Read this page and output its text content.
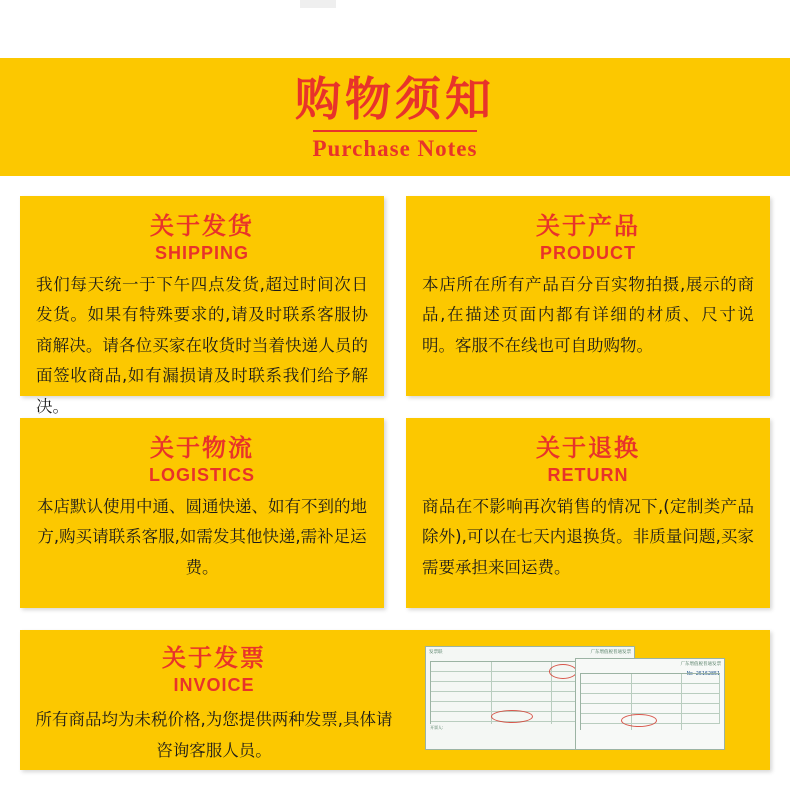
购物须知
Purchase Notes
关于发货
SHIPPING
我们每天统一于下午四点发货,超过时间次日发货。如果有特殊要求的,请及时联系客服协商解决。请各位买家在收货时当着快递人员的面签收商品,如有漏损请及时联系我们给予解决。
关于产品
PRODUCT
本店所在所有产品百分百实物拍摄,展示的商品,在描述页面内都有详细的材质、尺寸说明。客服不在线也可自助购物。
关于物流
LOGISTICS
本店默认使用中通、圆通快递、如有不到的地方,购买请联系客服,如需发其他快递,需补足运费。
关于退换
RETURN
商品在不影响再次销售的情况下,(定制类产品除外),可以在七天内退换货。非质量问题,买家需要承担来回运费。
关于发票
INVOICE
所有商品均为未税价格,为您提供两种发票,具体请咨询客服人员。
发票联	广东增值税普通发票
开票人:
广东增值税普通发票
No 25162851
